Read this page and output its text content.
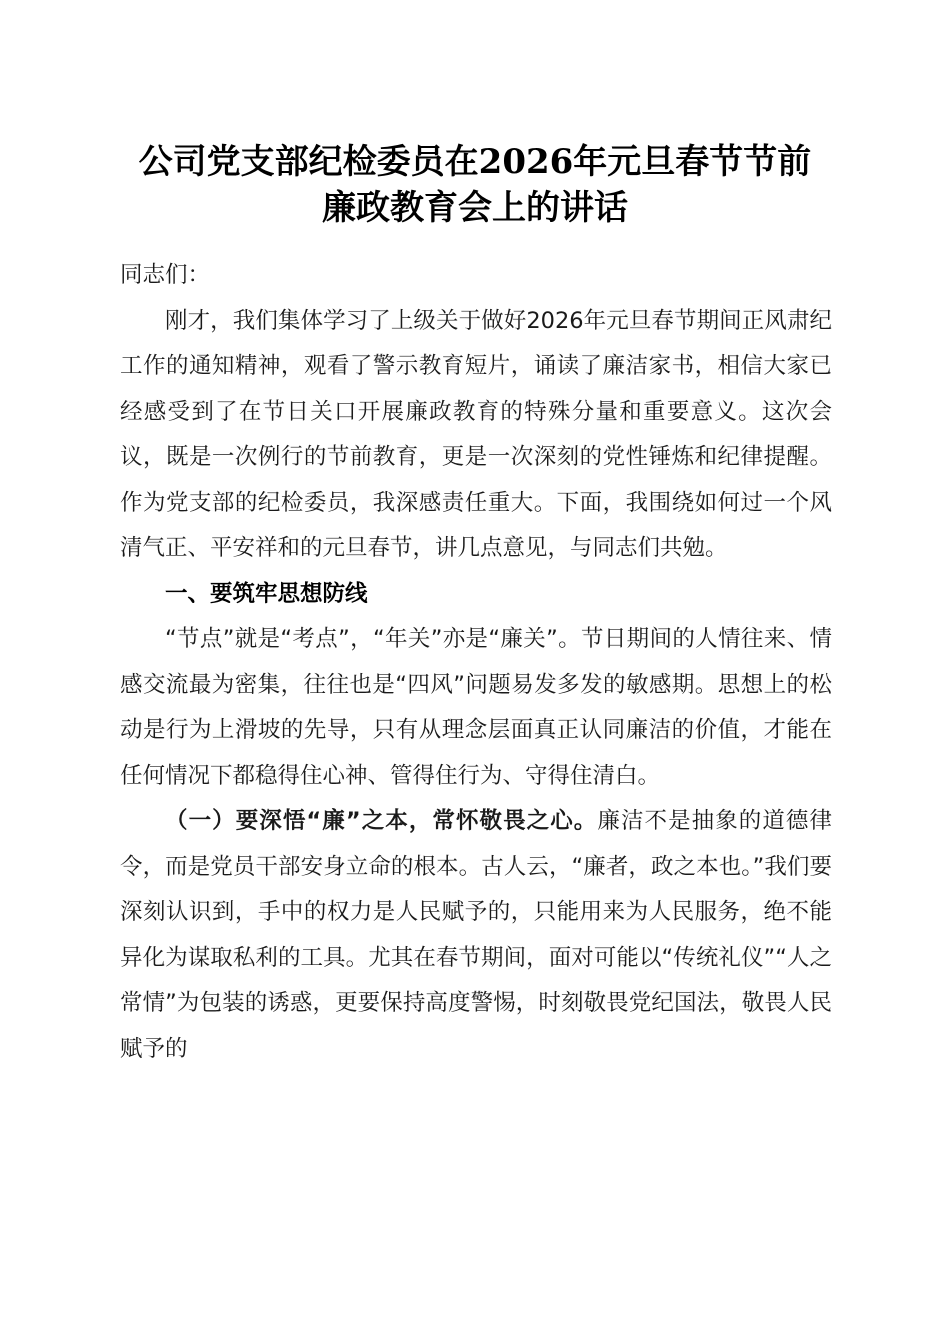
公司党支部纪检委员在2026年元旦春节节前
廉政教育会上的讲话

同志们：

刚才，我们集体学习了上级关于做好2026年元旦春节期间正风肃纪工作的通知精神，观看了警示教育短片，诵读了廉洁家书，相信大家已经感受到了在节日关口开展廉政教育的特殊分量和重要意义。这次会议，既是一次例行的节前教育，更是一次深刻的党性锤炼和纪律提醒。作为党支部的纪检委员，我深感责任重大。下面，我围绕如何过一个风清气正、平安祥和的元旦春节，讲几点意见，与同志们共勉。

一、要筑牢思想防线

“节点”就是“考点”，“年关”亦是“廉关”。节日期间的人情往来、情感交流最为密集，往往也是“四风”问题易发多发的敏感期。思想上的松动是行为上滑坡的先导，只有从理念层面真正认同廉洁的价值，才能在任何情况下都稳得住心神、管得住行为、守得住清白。

（一）要深悟“廉”之本，常怀敬畏之心。廉洁不是抽象的道德律令，而是党员干部安身立命的根本。古人云，“廉者，政之本也。”我们要深刻认识到，手中的权力是人民赋予的，只能用来为人民服务，绝不能异化为谋取私利的工具。尤其在春节期间，面对可能以“传统礼仪”“人之常情”为包装的诱惑，更要保持高度警惕，时刻敬畏党纪国法，敬畏人民赋予的
